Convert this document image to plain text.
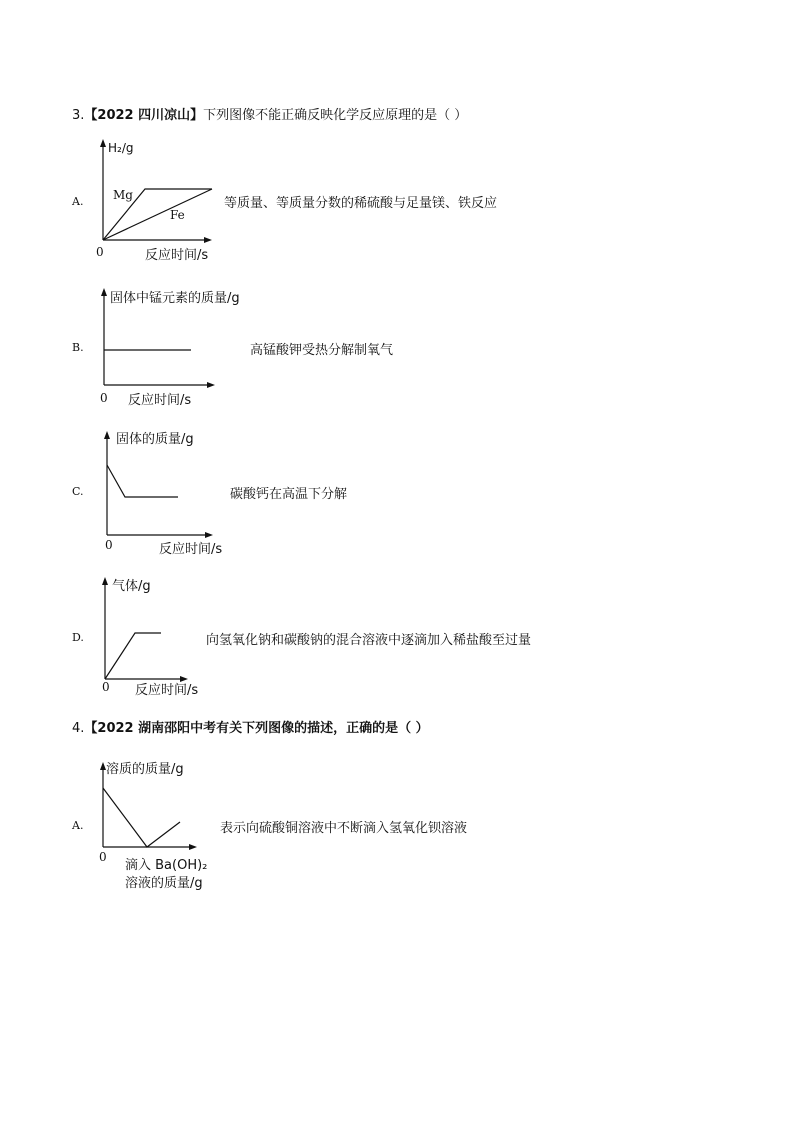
3.【2022 四川凉山】下列图像不能正确反映化学反应原理的是（ ）
A.
H₂/g
Mg
Fe
0	反应时间/s
等质量、等质量分数的稀硫酸与足量镁、铁反应
B.
固体中锰元素的质量/g
0 反应时间/s
高锰酸钾受热分解制氧气
C.
固体的质量/g
0	反应时间/s
碳酸钙在高温下分解
D.
气体/g
0 反应时间/s
向氢氧化钠和碳酸钠的混合溶液中逐滴加入稀盐酸至过量
4.【2022 湖南邵阳中考有关下列图像的描述，正确的是（ ）
A.
溶质的质量/g
0
滴入 Ba(OH)₂
溶液的质量/g
表示向硫酸铜溶液中不断滴入氢氧化钡溶液
